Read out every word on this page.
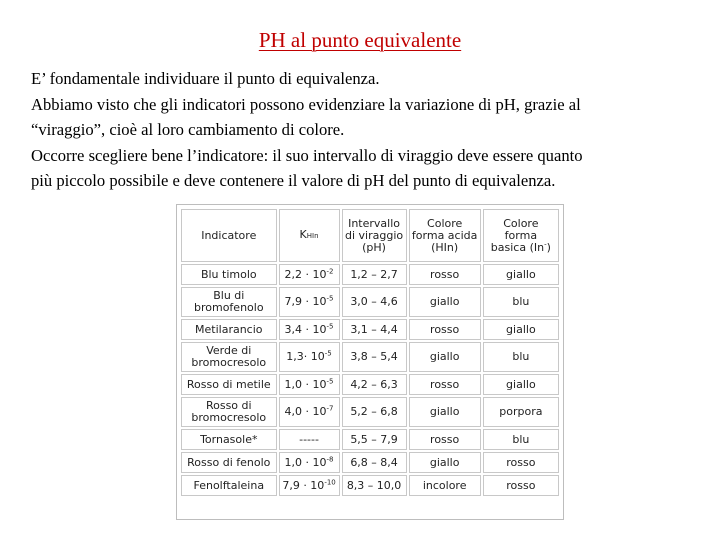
PH al punto equivalente

E’ fondamentale individuare il punto di equivalenza.

Abbiamo visto che gli indicatori possono evidenziare la variazione di pH, grazie al

“viraggio”, cioè al loro cambiamento di colore.

Occorre scegliere bene l’indicatore: il suo intervallo di viraggio deve essere quanto

più piccolo possibile e deve contenere il valore di pH del punto di equivalenza.

Indicatore	KHIn	Intervallo di viraggio (pH)	Colore forma acida (HIn)	Colore forma basica (In-)
Blu timolo	$2,2 \cdot 10^{-2}$	1,2 – 2,7	rosso	giallo
Blu di bromofenolo	$7,9 \cdot 10^{-5}$	3,0 – 4,6	giallo	blu
Metilarancio	$3,4 \cdot 10^{-5}$	3,1 – 4,4	rosso	giallo
Verde di bromocresolo	$1,3\cdot 10^{-5}$	3,8 – 5,4	giallo	blu
Rosso di metile	$1,0 \cdot 10^{-5}$	4,2 – 6,3	rosso	giallo
Rosso di bromocresolo	$4,0 \cdot 10^{-7}$	5,2 – 6,8	giallo	porpora
Tornasole*	-----	5,5 – 7,9	rosso	blu
Rosso di fenolo	$1,0 \cdot 10^{-8}$	6,8 – 8,4	giallo	rosso
Fenolftaleina	$7,9 \cdot 10^{-10}$	8,3 – 10,0	incolore	rosso
